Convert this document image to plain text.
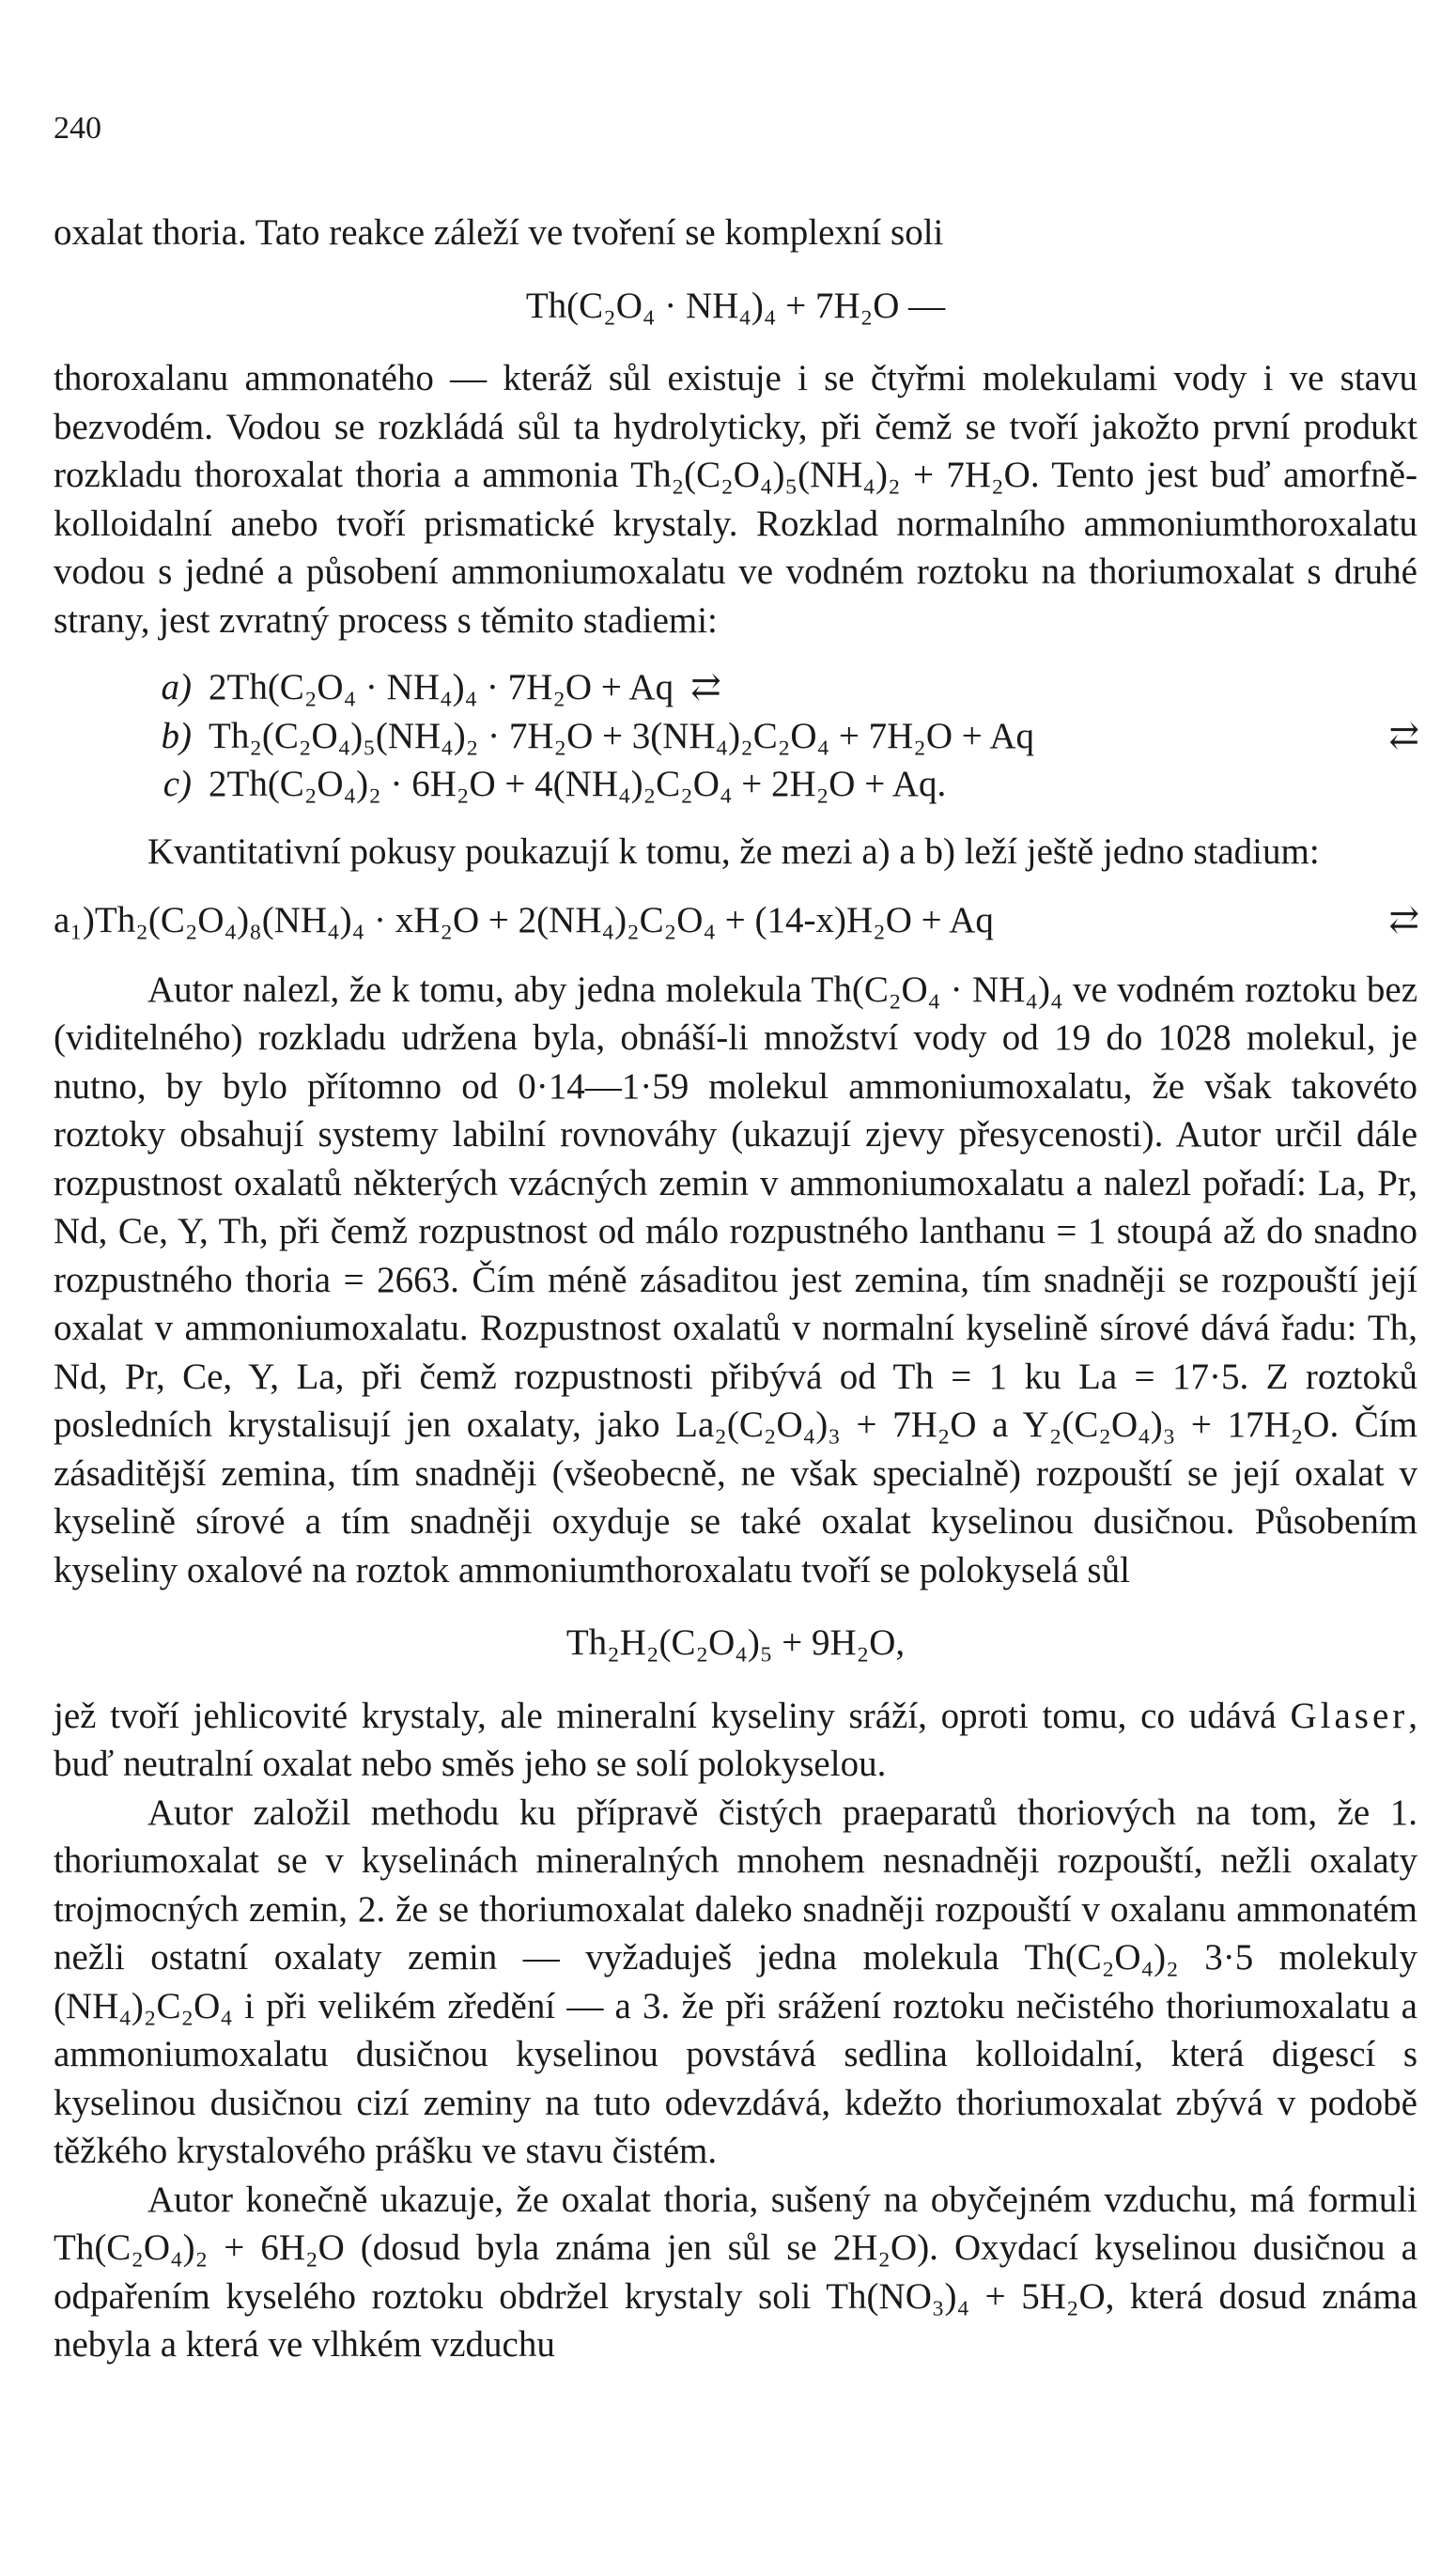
240

oxalat thoria. Tato reakce záleží ve tvoření se komplexní soli

Th(C₂O₄ · NH₄)₄ + 7H₂O —

thoroxalanu ammonatého — kteráž sůl existuje i se čtyřmi molekulami vody i ve stavu bezvodém. Vodou se rozkládá sůl ta hydrolyticky, při čemž se tvoří jakožto první produkt rozkladu thoroxalat thoria a ammonia Th₂(C₂O₄)₅(NH₄)₂ + 7H₂O. Tento jest buď amorfně-kolloidalní anebo tvoří prismatické krystaly. Rozklad normalního ammoniumthoroxalatu vodou s jedné a působení ammoniumoxalatu ve vodném roztoku na thoriumoxalat s druhé strany, jest zvratný process s těmito stadiemi:

a) 2Th(C₂O₄ · NH₄)₄ · 7H₂O + Aq ⇄
b) Th₂(C₂O₄)₅(NH₄)₂ · 7H₂O + 3(NH₄)₂C₂O₄ + 7H₂O + Aq	⇄
c) 2Th(C₂O₄)₂ · 6H₂O + 4(NH₄)₂C₂O₄ + 2H₂O + Aq.

Kvantitativní pokusy poukazují k tomu, že mezi a) a b) leží ještě jedno stadium:

a₁) Th₂(C₂O₄)₈(NH₄)₄ · xH₂O + 2(NH₄)₂C₂O₄ + (14-x)H₂O + Aq	⇄

Autor nalezl, že k tomu, aby jedna molekula Th(C₂O₄ · NH₄)₄ ve vodném roztoku bez (viditelného) rozkladu udržena byla, obnáší-li množství vody od 19 do 1028 molekul, je nutno, by bylo přítomno od 0·14—1·59 molekul ammoniumoxalatu, že však takovéto roztoky obsahují systemy labilní rovnováhy (ukazují zjevy přesycenosti). Autor určil dále rozpustnost oxalatů některých vzácných zemin v ammoniumoxalatu a nalezl pořadí: La, Pr, Nd, Ce, Y, Th, při čemž rozpustnost od málo rozpustného lanthanu = 1 stoupá až do snadno rozpustného thoria = 2663. Čím méně zásaditou jest zemina, tím snadněji se rozpouští její oxalat v ammoniumoxalatu. Rozpustnost oxalatů v normalní kyselině sírové dává řadu: Th, Nd, Pr, Ce, Y, La, při čemž rozpustnosti přibývá od Th = 1 ku La = 17·5. Z roztoků posledních krystalisují jen oxalaty, jako La₂(C₂O₄)₃ + 7H₂O a Y₂(C₂O₄)₃ + 17H₂O. Čím zásaditější zemina, tím snadněji (všeobecně, ne však specialně) rozpouští se její oxalat v kyselině sírové a tím snadněji oxyduje se také oxalat kyselinou dusičnou. Působením kyseliny oxalové na roztok ammoniumthoroxalatu tvoří se polokyselá sůl

Th₂H₂(C₂O₄)₅ + 9H₂O,

jež tvoří jehlicovité krystaly, ale mineralní kyseliny sráží, oproti tomu, co udává Glaser, buď neutralní oxalat nebo směs jeho se solí polokyselou.

Autor založil methodu ku přípravě čistých praeparatů thoriových na tom, že 1. thoriumoxalat se v kyselinách mineralných mnohem nesnadněji rozpouští, nežli oxalaty trojmocných zemin, 2. že se thoriumoxalat daleko snadněji rozpouští v oxalanu ammonatém nežli ostatní oxalaty zemin — vyžaduješ jedna molekula Th(C₂O₄)₂ 3·5 molekuly (NH₄)₂C₂O₄ i při velikém zředění — a 3. že při srážení roztoku nečistého thoriumoxalatu a ammoniumoxalatu dusičnou kyselinou povstává sedlina kolloidalní, která digescí s kyselinou dusičnou cizí zeminy na tuto odevzdává, kdežto thoriumoxalat zbývá v podobě těžkého krystalového prášku ve stavu čistém.

Autor konečně ukazuje, že oxalat thoria, sušený na obyčejném vzduchu, má formuli Th(C₂O₄)₂ + 6H₂O (dosud byla známa jen sůl se 2H₂O). Oxydací kyselinou dusičnou a odpařením kyselého roztoku obdržel krystaly soli Th(NO₃)₄ + 5H₂O, která dosud známa nebyla a která ve vlhkém vzduchu
